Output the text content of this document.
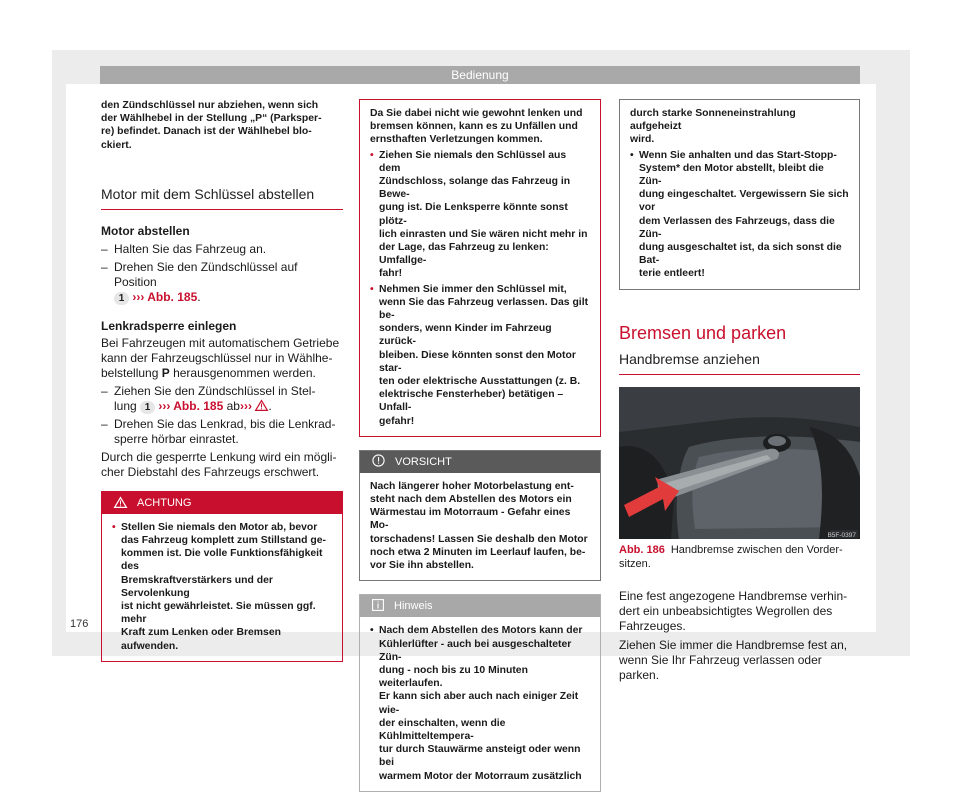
Bedienung
den Zündschlüssel nur abziehen, wenn sich
der Wählhebel in der Stellung „P“ (Parksper-
re) befindet. Danach ist der Wählhebel blo-
ckiert.
Motor mit dem Schlüssel abstellen
Motor abstellen
– Halten Sie das Fahrzeug an.
– Drehen Sie den Zündschlüssel auf Position
1 ››› Abb. 185.
Lenkradsperre einlegen
Bei Fahrzeugen mit automatischem Getriebe
kann der Fahrzeugschlüssel nur in Wählhe-
belstellung P herausgenommen werden.
– Ziehen Sie den Zündschlüssel in Stel-
lung 1 ››› Abb. 185 ab››› .
– Drehen Sie das Lenkrad, bis die Lenkrad-
sperre hörbar einrastet.
Durch die gesperrte Lenkung wird ein mögli-
cher Diebstahl des Fahrzeugs erschwert.
ACHTUNG
• Stellen Sie niemals den Motor ab, bevor
das Fahrzeug komplett zum Stillstand ge-
kommen ist. Die volle Funktionsfähigkeit des
Bremskraftverstärkers und der Servolenkung
ist nicht gewährleistet. Sie müssen ggf. mehr
Kraft zum Lenken oder Bremsen aufwenden.
Da Sie dabei nicht wie gewohnt lenken und
bremsen können, kann es zu Unfällen und
ernsthaften Verletzungen kommen.
• Ziehen Sie niemals den Schlüssel aus dem
Zündschloss, solange das Fahrzeug in Bewe-
gung ist. Die Lenksperre könnte sonst plötz-
lich einrasten und Sie wären nicht mehr in
der Lage, das Fahrzeug zu lenken: Umfallge-
fahr!
• Nehmen Sie immer den Schlüssel mit,
wenn Sie das Fahrzeug verlassen. Das gilt be-
sonders, wenn Kinder im Fahrzeug zurück-
bleiben. Diese könnten sonst den Motor star-
ten oder elektrische Ausstattungen (z. B.
elektrische Fensterheber) betätigen – Unfall-
gefahr!
VORSICHT
Nach längerer hoher Motorbelastung ent-
steht nach dem Abstellen des Motors ein
Wärmestau im Motorraum - Gefahr eines Mo-
torschadens! Lassen Sie deshalb den Motor
noch etwa 2 Minuten im Leerlauf laufen, be-
vor Sie ihn abstellen.
Hinweis
• Nach dem Abstellen des Motors kann der
Kühlerlüfter - auch bei ausgeschalteter Zün-
dung - noch bis zu 10 Minuten weiterlaufen.
Er kann sich aber auch nach einiger Zeit wie-
der einschalten, wenn die Kühlmitteltempera-
tur durch Stauwärme ansteigt oder wenn bei
warmem Motor der Motorraum zusätzlich
durch starke Sonneneinstrahlung aufgeheizt
wird.
• Wenn Sie anhalten und das Start-Stopp-
System* den Motor abstellt, bleibt die Zün-
dung eingeschaltet. Vergewissern Sie sich vor
dem Verlassen des Fahrzeugs, dass die Zün-
dung ausgeschaltet ist, da sich sonst die Bat-
terie entleert!
Bremsen und parken
Handbremse anziehen
B5F-0397
Abb. 186 Handbremse zwischen den Vorder-
sitzen.
Eine fest angezogene Handbremse verhin-
dert ein unbeabsichtigtes Wegrollen des
Fahrzeuges.
Ziehen Sie immer die Handbremse fest an,
wenn Sie Ihr Fahrzeug verlassen oder parken.
176
